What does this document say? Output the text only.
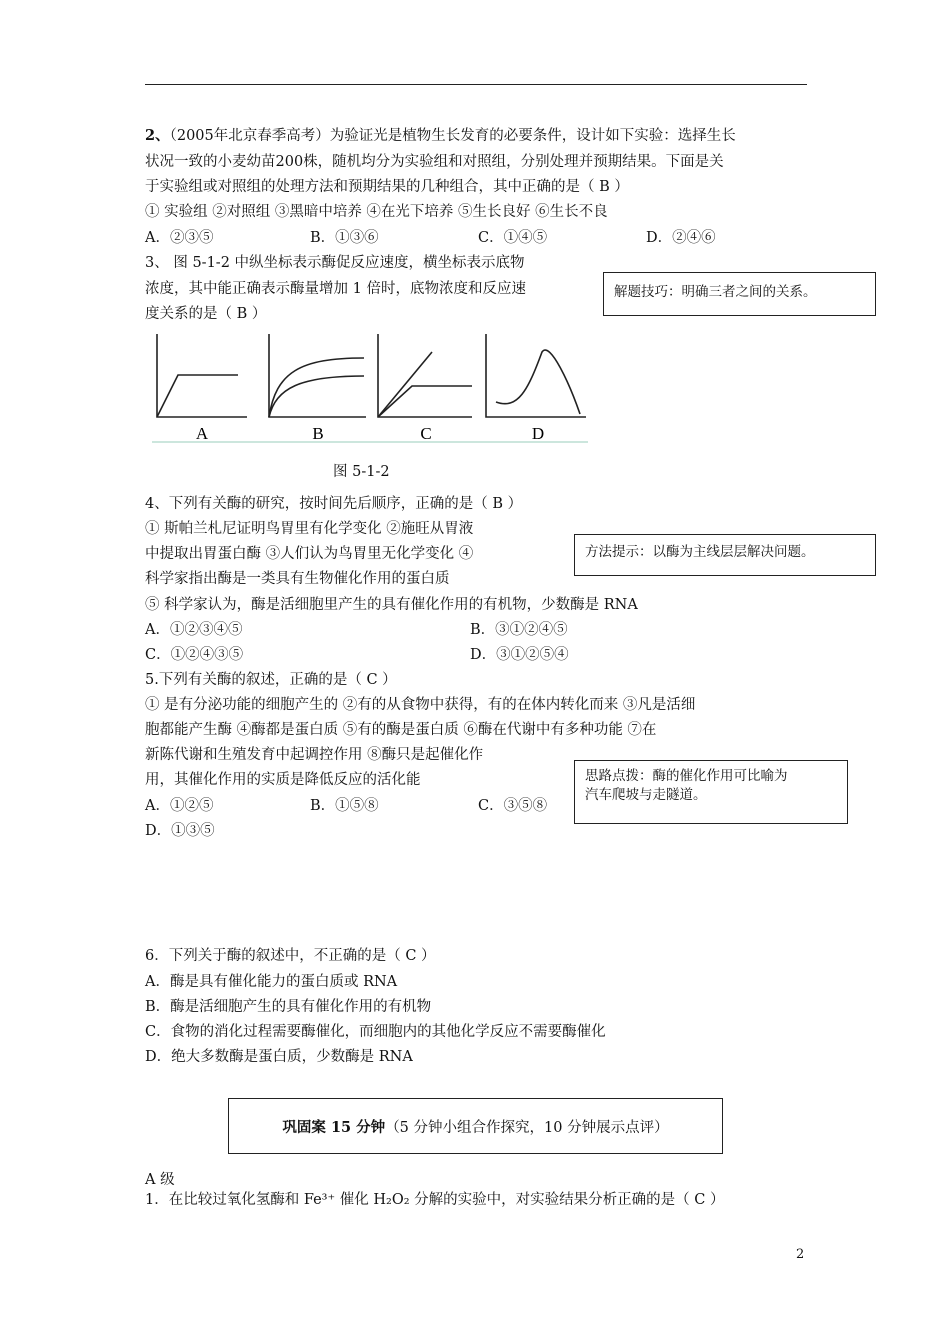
2、（2005年北京春季高考）为验证光是植物生长发育的必要条件，设计如下实验：选择生长
状况一致的小麦幼苗200株，随机均分为实验组和对照组，分别处理并预期结果。下面是关
于实验组或对照组的处理方法和预期结果的几种组合，其中正确的是（ B ）
① 实验组 ②对照组 ③黑暗中培养 ④在光下培养 ⑤生长良好 ⑥生长不良
A．②③⑤	B．①③⑥	C．①④⑤	D．②④⑥
3、 图 5-1-2 中纵坐标表示酶促反应速度，横坐标表示底物
浓度，其中能正确表示酶量增加 1 倍时，底物浓度和反应速
度关系的是（ B ）
解题技巧：明确三者之间的关系。
A	B	C	D
图 5-1-2
4、下列有关酶的研究，按时间先后顺序，正确的是（ B ）
① 斯帕兰札尼证明鸟胃里有化学变化 ②施旺从胃液
中提取出胃蛋白酶 ③人们认为鸟胃里无化学变化 ④
科学家指出酶是一类具有生物催化作用的蛋白质
⑤ 科学家认为，酶是活细胞里产生的具有催化作用的有机物，少数酶是 RNA
A．①②③④⑤	B．③①②④⑤
C．①②④③⑤	D．③①②⑤④
方法提示：以酶为主线层层解决问题。
5.下列有关酶的叙述，正确的是（ C ）
① 是有分泌功能的细胞产生的 ②有的从食物中获得，有的在体内转化而来 ③凡是活细
胞都能产生酶 ④酶都是蛋白质 ⑤有的酶是蛋白质 ⑥酶在代谢中有多种功能 ⑦在
新陈代谢和生殖发育中起调控作用 ⑧酶只是起催化作
用，其催化作用的实质是降低反应的活化能
A．①②⑤	B．①⑤⑧	C．③⑤⑧
D．①③⑤
思路点拨：酶的催化作用可比喻为
汽车爬坡与走隧道。
6．下列关于酶的叙述中，不正确的是（ C ）
A．酶是具有催化能力的蛋白质或 RNA
B．酶是活细胞产生的具有催化作用的有机物
C．食物的消化过程需要酶催化，而细胞内的其他化学反应不需要酶催化
D．绝大多数酶是蛋白质，少数酶是 RNA
巩固案 15 分钟 （5 分钟小组合作探究，10 分钟展示点评）
A 级
1．在比较过氧化氢酶和 Fe³⁺ 催化 H₂O₂ 分解的实验中，对实验结果分析正确的是（ C ）
2
